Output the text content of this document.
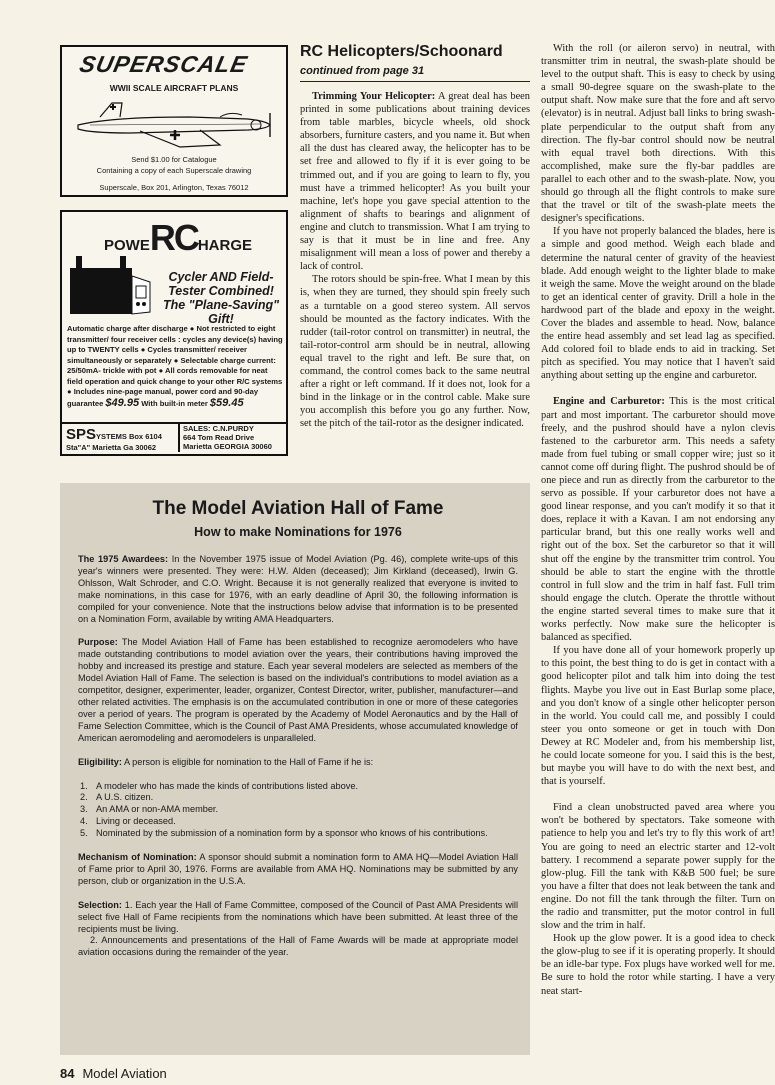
SUPERSCALE
WWII SCALE AIRCRAFT PLANS
Send $1.00 for Catalogue
Containing a copy of each Superscale drawing
Superscale, Box 201, Arlington, Texas 76012
POWERCHARGE
Cycler AND Field-Tester Combined! The "Plane-Saving" Gift!
Automatic charge after discharge ● Not restricted to eight transmitter/ four receiver cells : cycles any device(s) having up to TWENTY cells ● Cycles transmitter/ receiver simultaneously or separately ● Selectable charge current: 25/50mA- trickle with pot ● All cords removable for neat field operation and quick change to your other R/C systems ● Includes nine-page manual, power cord and 90-day guarantee $49.95 With built-in meter $59.45
SPSYSTEMS Box 6104
Sta"A" Marietta Ga 30062
SALES: C.N.PURDY
664 Tom Read Drive
Marietta GEORGIA 30060
RC Helicopters/Schoonard

continued from page 31

Trimming Your Helicopter: A great deal has been printed in some publications about training devices from table marbles, bicycle wheels, old shock absorbers, furniture casters, and you name it. But when all the dust has cleared away, the helicopter has to be set free and allowed to fly if it is ever going to be trimmed out, and if you are going to learn to fly, you must have a trimmed helicopter! As you built your machine, let's hope you gave special attention to the alignment of shafts to bearings and alignment of engine and clutch to transmission. What I am trying to say is that it must be in line and free. Any misalignment will mean a loss of power and thereby a lack of control.

The rotors should be spin-free. What I mean by this is, when they are turned, they should spin freely such as a turntable on a good stereo system. All servos should be mounted as the factory indicates. With the rudder (tail-rotor control on transmitter) in neutral, the tail-rotor-control arm should be in neutral, allowing equal travel to the right and left. Be sure that, on command, the control comes back to the same neutral after a right or left command. If it does not, look for a bind in the linkage or in the control cable. Make sure you accomplish this before you go any further. Now, set the pitch of the tail-rotor as the designer indicated.

With the roll (or aileron servo) in neutral, with transmitter trim in neutral, the swash-plate should be level to the output shaft. This is easy to check by using a small 90-degree square on the swash-plate to the output shaft. Now make sure that the fore and aft servo (elevator) is in neutral. Adjust ball links to bring swash-plate perpendicular to the output shaft from any direction. The fly-bar control should now be neutral with equal travel both directions. With this accomplished, make sure the fly-bar paddles are parallel to each other and to the swash-plate. Now, you should go through all the flight controls to make sure that the travel or tilt of the swash-plate meets the designer's specifications.

If you have not properly balanced the blades, here is a simple and good method. Weigh each blade and determine the natural center of gravity of the heaviest blade. Add enough weight to the lighter blade to make it weigh the same. Move the weight around on the blade to get an identical center of gravity. Drill a hole in the hardwood part of the blade and epoxy in the weight. Cover the blades and assemble to head. Now, balance the entire head assembly and set lead lag as specified. Add colored foil to blade ends to aid in tracking. Set pitch as specified. You may notice that I haven't said anything about setting up the engine and carburetor.

Engine and Carburetor: This is the most critical part and most important. The carburetor should move freely, and the pushrod should have a nylon clevis fastened to the carburetor arm. This needs a safety made from fuel tubing or small copper wire; just so it cannot come off during flight. The pushrod should be of one piece and run as directly from the carburetor to the servo as possible. If your carburetor does not have a good linear response, and you can't modify it so that it does, replace it with a Kavan. I am not endorsing any particular brand, but this one really works well and right out of the box. Set the carburetor so that it will shut off the engine by the transmitter trim control. You should be able to start the engine with the throttle control in full slow and the trim in half fast. Full trim should engage the clutch. Operate the throttle without the engine started several times to make sure that it works perfectly. Now make sure the helicopter is balanced as specified.

If you have done all of your homework properly up to this point, the best thing to do is get in contact with a good helicopter pilot and talk him into doing the test flights. Maybe you live out in East Burlap some place, and you don't know of a single other helicopter person in the world. You could call me, and possibly I could steer you onto someone or get in touch with Don Dewey at RC Modeler and, from his membership list, he could locate someone for you. I said this is the best, but maybe you will have to do with the next best, and that is yourself.

Find a clean unobstructed paved area where you won't be bothered by spectators. Take someone with patience to help you and let's try to fly this work of art! You are going to need an electric starter and 12-volt battery. I recommend a separate power supply for the glow-plug. Fill the tank with K&B 500 fuel; be sure you have a filter that does not leak between the tank and engine. Do not fill the tank through the filter. Turn on the radio and transmitter, put the motor control in full slow and the trim in half.

Hook up the glow power. It is a good idea to check the glow-plug to see if it is operating properly. It should be an idle-bar type. Fox plugs have worked well for me. Be sure to hold the rotor while starting. I have a very neat start-

The Model Aviation Hall of Fame

How to make Nominations for 1976

The 1975 Awardees: In the November 1975 issue of Model Aviation (Pg. 46), complete write-ups of this year's winners were presented. They were: H.W. Alden (deceased); Jim Kirkland (deceased), Irwin G. Ohlsson, Walt Schroder, and C.O. Wright. Because it is not generally realized that everyone is invited to make nominations, in this case for 1976, with an early deadline of April 30, the following information is compiled for your convenience. Note that the instructions below advise that information is to be presented on a Nomination Form, available by writing AMA Headquarters.

Purpose: The Model Aviation Hall of Fame has been established to recognize aeromodelers who have made outstanding contributions to model aviation over the years, their contributions having improved the hobby and increased its prestige and stature. Each year several modelers are selected as members of the Model Aviation Hall of Fame. The selection is based on the individual's contributions to model aviation as a competitor, designer, experimenter, leader, organizer, Contest Director, writer, publisher, manufacturer—and other related activities. The emphasis is on the accumulated contribution in one or more of these categories over a period of years. The program is operated by the Academy of Model Aeronautics and by the Hall of Fame Selection Committee, which is the Council of Past AMA Presidents, whose accumulated knowledge of American aeromodeling and aeromodelers is unparalleled.

Eligibility: A person is eligible for nomination to the Hall of Fame if he is:

1. A modeler who has made the kinds of contributions listed above.
2. A U.S. citizen.
3. An AMA or non-AMA member.
4. Living or deceased.
5. Nominated by the submission of a nomination form by a sponsor who knows of his contributions.

Mechanism of Nomination: A sponsor should submit a nomination form to AMA HQ—Model Aviation Hall of Fame prior to April 30, 1976. Forms are available from AMA HQ. Nominations may be submitted by any person, club or organization in the U.S.A.

Selection: 1. Each year the Hall of Fame Committee, composed of the Council of Past AMA Presidents will select five Hall of Fame recipients from the nominations which have been submitted. At least three of the recipients must be living.

2. Announcements and presentations of the Hall of Fame Awards will be made at appropriate model aviation occasions during the remainder of the year.

84 Model Aviation
